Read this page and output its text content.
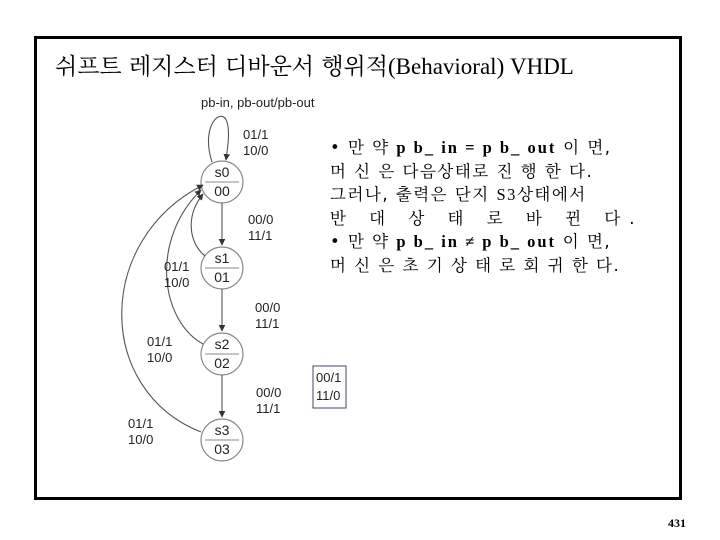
쉬프트 레지스터 디바운서 행위적(Behavioral) VHDL
pb-in, pb-out/pb-out
s0
00
s1
01
s2
02
s3
03
01/1
10/0
00/0
11/1
00/0
11/1
00/0
11/1
00/1
11/0
01/1
10/0
01/1
10/0
01/1
10/0
• 만 약 p b_ in = p b_ out 이 면,
머 신 은 다음상태로 진 행 한 다.
그러나, 출력은 단지 S3상태에서
반 대 상 태 로 바 뀐 다.
• 만 약 p b_ in ≠ p b_ out 이 면,
머 신 은 초 기 상 태 로 회 귀 한 다.
431
